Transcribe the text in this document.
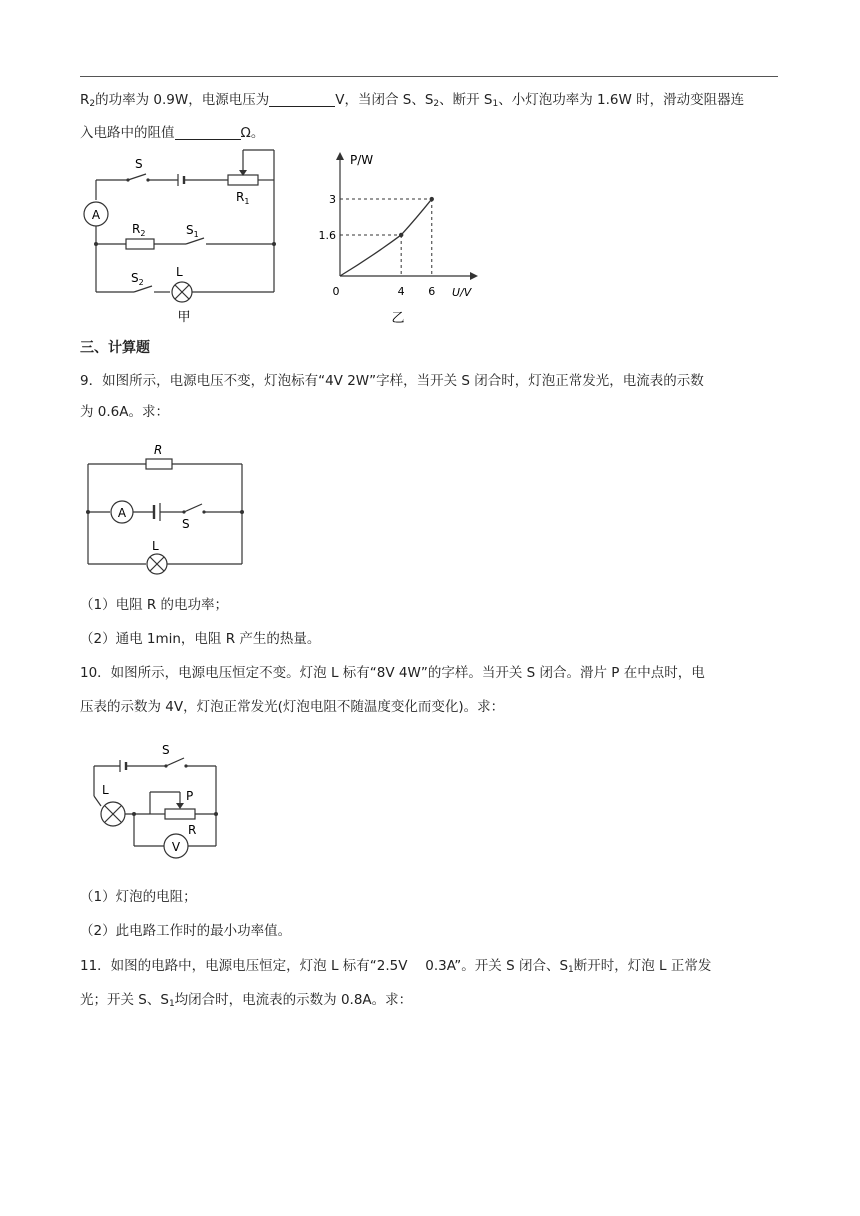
$R_2$的功率为 0.9W，电源电压为	V，当闭合 S、$S_2$、断开 $S_1$、小灯泡功率为 1.6W 时，滑动变阻器连
入电路中的阻值	Ω。
A
S
$R_1$
$R_2$	$S_1$
$S_2$
L
甲
4 6
1.6
3
P/W
U/V
0
乙
三、计算题
9．如图所示，电源电压不变，灯泡标有“4V 2W”字样，当开关 S 闭合时，灯泡正常发光，电流表的示数
为 0.6A。求：
R
A
S
L
（1）电阻 R 的电功率；
（2）通电 1min，电阻 R 产生的热量。
10．如图所示，电源电压恒定不变。灯泡 L 标有“8V 4W”的字样。当开关 S 闭合。滑片 P 在中点时，电
压表的示数为 4V，灯泡正常发光(灯泡电阻不随温度变化而变化)。求：
S
L	P
R
V
（1）灯泡的电阻；
（2）此电路工作时的最小功率值。
11．如图的电路中，电源电压恒定，灯泡 L 标有“2.5V　 0.3A”。开关 S 闭合、$S_1$断开时，灯泡 L 正常发
光；开关 S、$S_1$均闭合时，电流表的示数为 0.8A。求：
